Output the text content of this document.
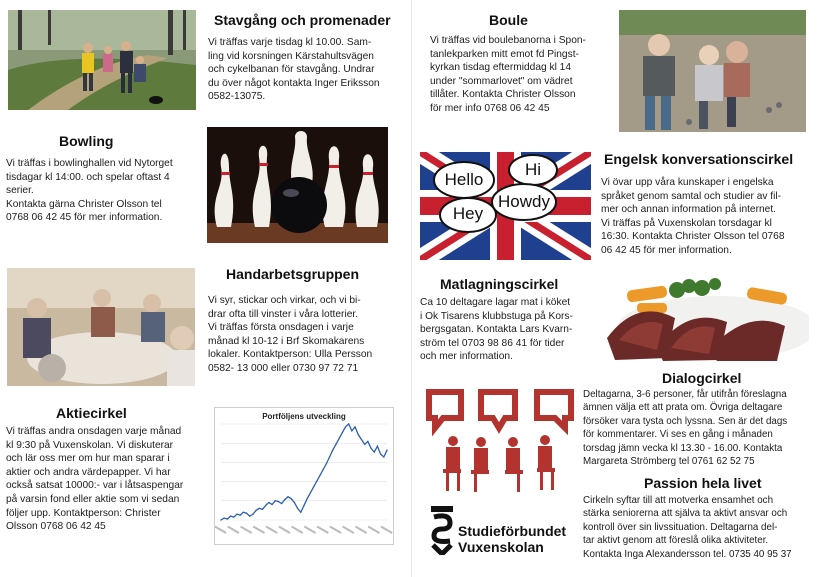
Stavgång och promenader

Vi träffas varje tisdag kl 10.00. Sam-
ling vid korsningen Kärstahultsvägen
och cykelbanan för stavgång. Undrar
du över något kontakta Inger Eriksson
0582-13075.

Bowling

Vi träffas i bowlinghallen vid Nytorget
tisdagar kl 14:00. och spelar oftast 4
serier.
Kontakta gärna Christer Olsson tel
0768 06 42 45 för mer information.

Handarbetsgruppen

Vi syr, stickar och virkar, och vi bi-
drar ofta till vinster i våra lotterier.
Vi träffas första onsdagen i varje
månad kl 10-12 i Brf Skomakarens
lokaler. Kontaktperson: Ulla Persson
0582- 13 000 eller 0730 97 72 71

Aktiecirkel

Vi träffas andra onsdagen varje månad
kl 9:30 på Vuxenskolan. Vi diskuterar
och lär oss mer om hur man sparar i
aktier och andra värdepapper. Vi har
också satsat 10000:- var i låtsaspengar
på varsin fond eller aktie som vi sedan
följer upp. Kontaktperson: Christer
Olsson 0768 06 42 45

Portföljens utveckling
Boule

Vi träffas vid boulebanorna i Spon-
tanlekparken mitt emot fd Pingst-
kyrkan tisdag eftermiddag kl 14
under "sommarlovet" om vädret
tillåter. Kontakta Christer Olsson
för mer info 0768 06 42 45

Hello
Hi
Hey
Howdy
Engelsk konversationscirkel

Vi övar upp våra kunskaper i engelska
språket genom samtal och studier av fil-
mer och annan information på internet.
Vi träffas på Vuxenskolan torsdagar kl
16:30. Kontakta Christer Olsson tel 0768
06 42 45 för mer information.

Matlagningscirkel

Ca 10 deltagare lagar mat i köket
i Ok Tisarens klubbstuga på Kors-
bergsgatan. Kontakta Lars Kvarn-
ström tel 0703 98 86 41 för tider
och mer information.

Dialogcirkel

Deltagarna, 3-6 personer, får utifrån föreslagna
ämnen välja ett att prata om. Övriga deltagare
försöker vara tysta och lyssna. Sen är det dags
för kommentarer. Vi ses en gång i månaden
torsdag jämn vecka kl 13.30 - 16.00. Kontakta
Margareta Strömberg tel 0761 62 52 75

Passion hela livet

Cirkeln syftar till att motverka ensamhet och
stärka seniorerna att själva ta aktivt ansvar och
kontroll över sin livssituation. Deltagarna del-
tar aktivt genom att föreslå olika aktiviteter.
Kontakta Inga Alexandersson tel. 0735 40 95 37

Studieförbundet
Vuxenskolan
